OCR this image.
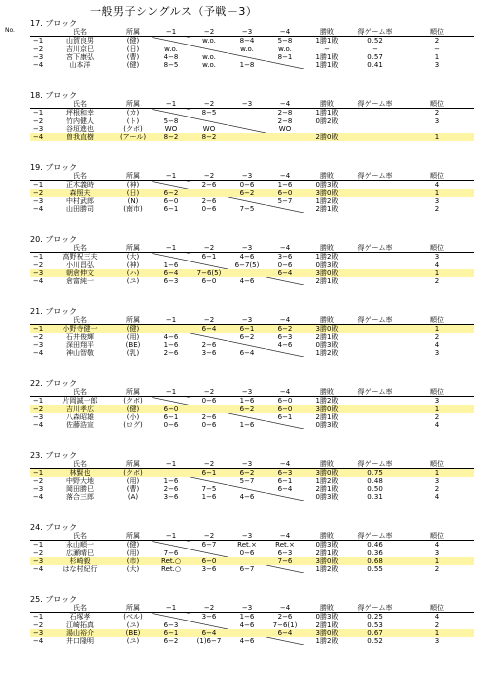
一般男子シングルス（予戦－3）
No.
17. ブロック
	氏名	所属	−1	−2	−3	−4	勝敗	得ゲーム率	順位
−1	山賀良男	(健)		w.o.	8−4	5−8	1勝1敗	0.52	2
−2	吉川京巳	(日)	w.o.		w.o.	w.o.	−	−	−
−3	宮下康弘	(曹)	4−8	w.o.		8−1	1勝1敗	0.57	1
−4	山本洋	(健)	8−5	w.o.	1−8		1勝1敗	0.41	3
18. ブロック
	氏名	所属	−1	−2	−3	−4	勝敗	得ゲーム率	順位
−1	坪根和幸	(カ)		8−5		2−8	1勝1敗		2
−2	竹内健人	(ト)	5−8			2−8	0勝2敗		3
−3	谷垣進也	(クボ)	WO	WO		WO			
−4	曽我直樹	(アール)	8−2	8−2			2勝0敗		1
19. ブロック
	氏名	所属	−1	−2	−3	−4	勝敗	得ゲーム率	順位
−1	正木義時	(神)		2−6	0−6	1−6	0勝3敗		4
−2	森照夫	(日)	6−2		6−2	6−0	3勝0敗		1
−3	中村武郎	(N)	6−0	2−6		5−7	1勝2敗		3
−4	山田勝司	(南市)	6−1	0−6	7−5		2勝1敗		2
20. ブロック
	氏名	所属	−1	−2	−3	−4	勝敗	得ゲーム率	順位
−1	高野祝三夫	(大)		6−1	4−6	3−6	1勝2敗		3
−2	小川昌弘	(神)	1−6		6−7(5)	0−6	0勝3敗		4
−3	朝倉伸文	(ハ)	6−4	7−6(5)		6−4	3勝0敗		1
−4	倉富純一	(ユ)	6−3	6−0	4−6		2勝1敗		2
21. ブロック
	氏名	所属	−1	−2	−3	−4	勝敗	得ゲーム率	順位
−1	小野寺健一	(健)		6−4	6−1	6−2	3勝0敗		1
−2	石井俊輝	(用)	4−6		6−2	6−3	2勝1敗		2
−3	深田翔平	(BE)	1−6	2−6		4−6	0勝3敗		4
−4	神山智敬	(乳)	2−6	3−6	6−4		1勝2敗		3
22. ブロック
	氏名	所属	−1	−2	−3	−4	勝敗	得ゲーム率	順位
−1	片岡誠一郎	(クボ)		0−6	1−6	6−0	1勝2敗		3
−2	吉川孝広	(健)	6−0		6−2	6−0	3勝0敗		1
−3	八森昭雄	(小)	6−1	2−6		6−1	2勝1敗		2
−4	佐藤浩宣	(ログ)	0−6	0−6	1−6		0勝3敗		4
23. ブロック
	氏名	所属	−1	−2	−3	−4	勝敗	得ゲーム率	順位
−1	林賢也	(クボ)		6−1	6−2	6−3	3勝0敗	0.75	1
−2	中野大地	(用)	1−6		5−7	6−1	1勝2敗	0.48	3
−3	岡田勝巳	(曹)	2−6	7−5		6−4	2勝1敗	0.50	2
−4	落合三郎	(A)	3−6	1−6	4−6		0勝3敗	0.31	4
24. ブロック
	氏名	所属	−1	−2	−3	−4	勝敗	得ゲーム率	順位
−1	永山順一	(健)		6−7	Ret.×	Ret.×	0勝3敗	0.46	4
−2	広瀬晴巳	(用)	7−6		0−6	6−3	2勝1敗	0.36	3
−3	杉崎毅	(市)	Ret.○	6−0		7−6	3勝0敗	0.68	1
−4	はな村紀行	(大)	Ret.○	3−6	6−7		1勝2敗	0.55	2
25. ブロック
	氏名	所属	−1	−2	−3	−4	勝敗	得ゲーム率	順位
−1	石塚孝	(ベル)		3−6	1−6	2−6	0勝3敗	0.25	4
−2	江崎拓真	(ユ)	6−3		4−6	7−6(1)	2勝1敗	0.53	2
−3	湯山裕介	(BE)	6−1	6−4		6−4	3勝0敗	0.67	1
−4	井口隆明	(ユ)	6−2	(1)6−7	4−6		1勝2敗	0.52	3
